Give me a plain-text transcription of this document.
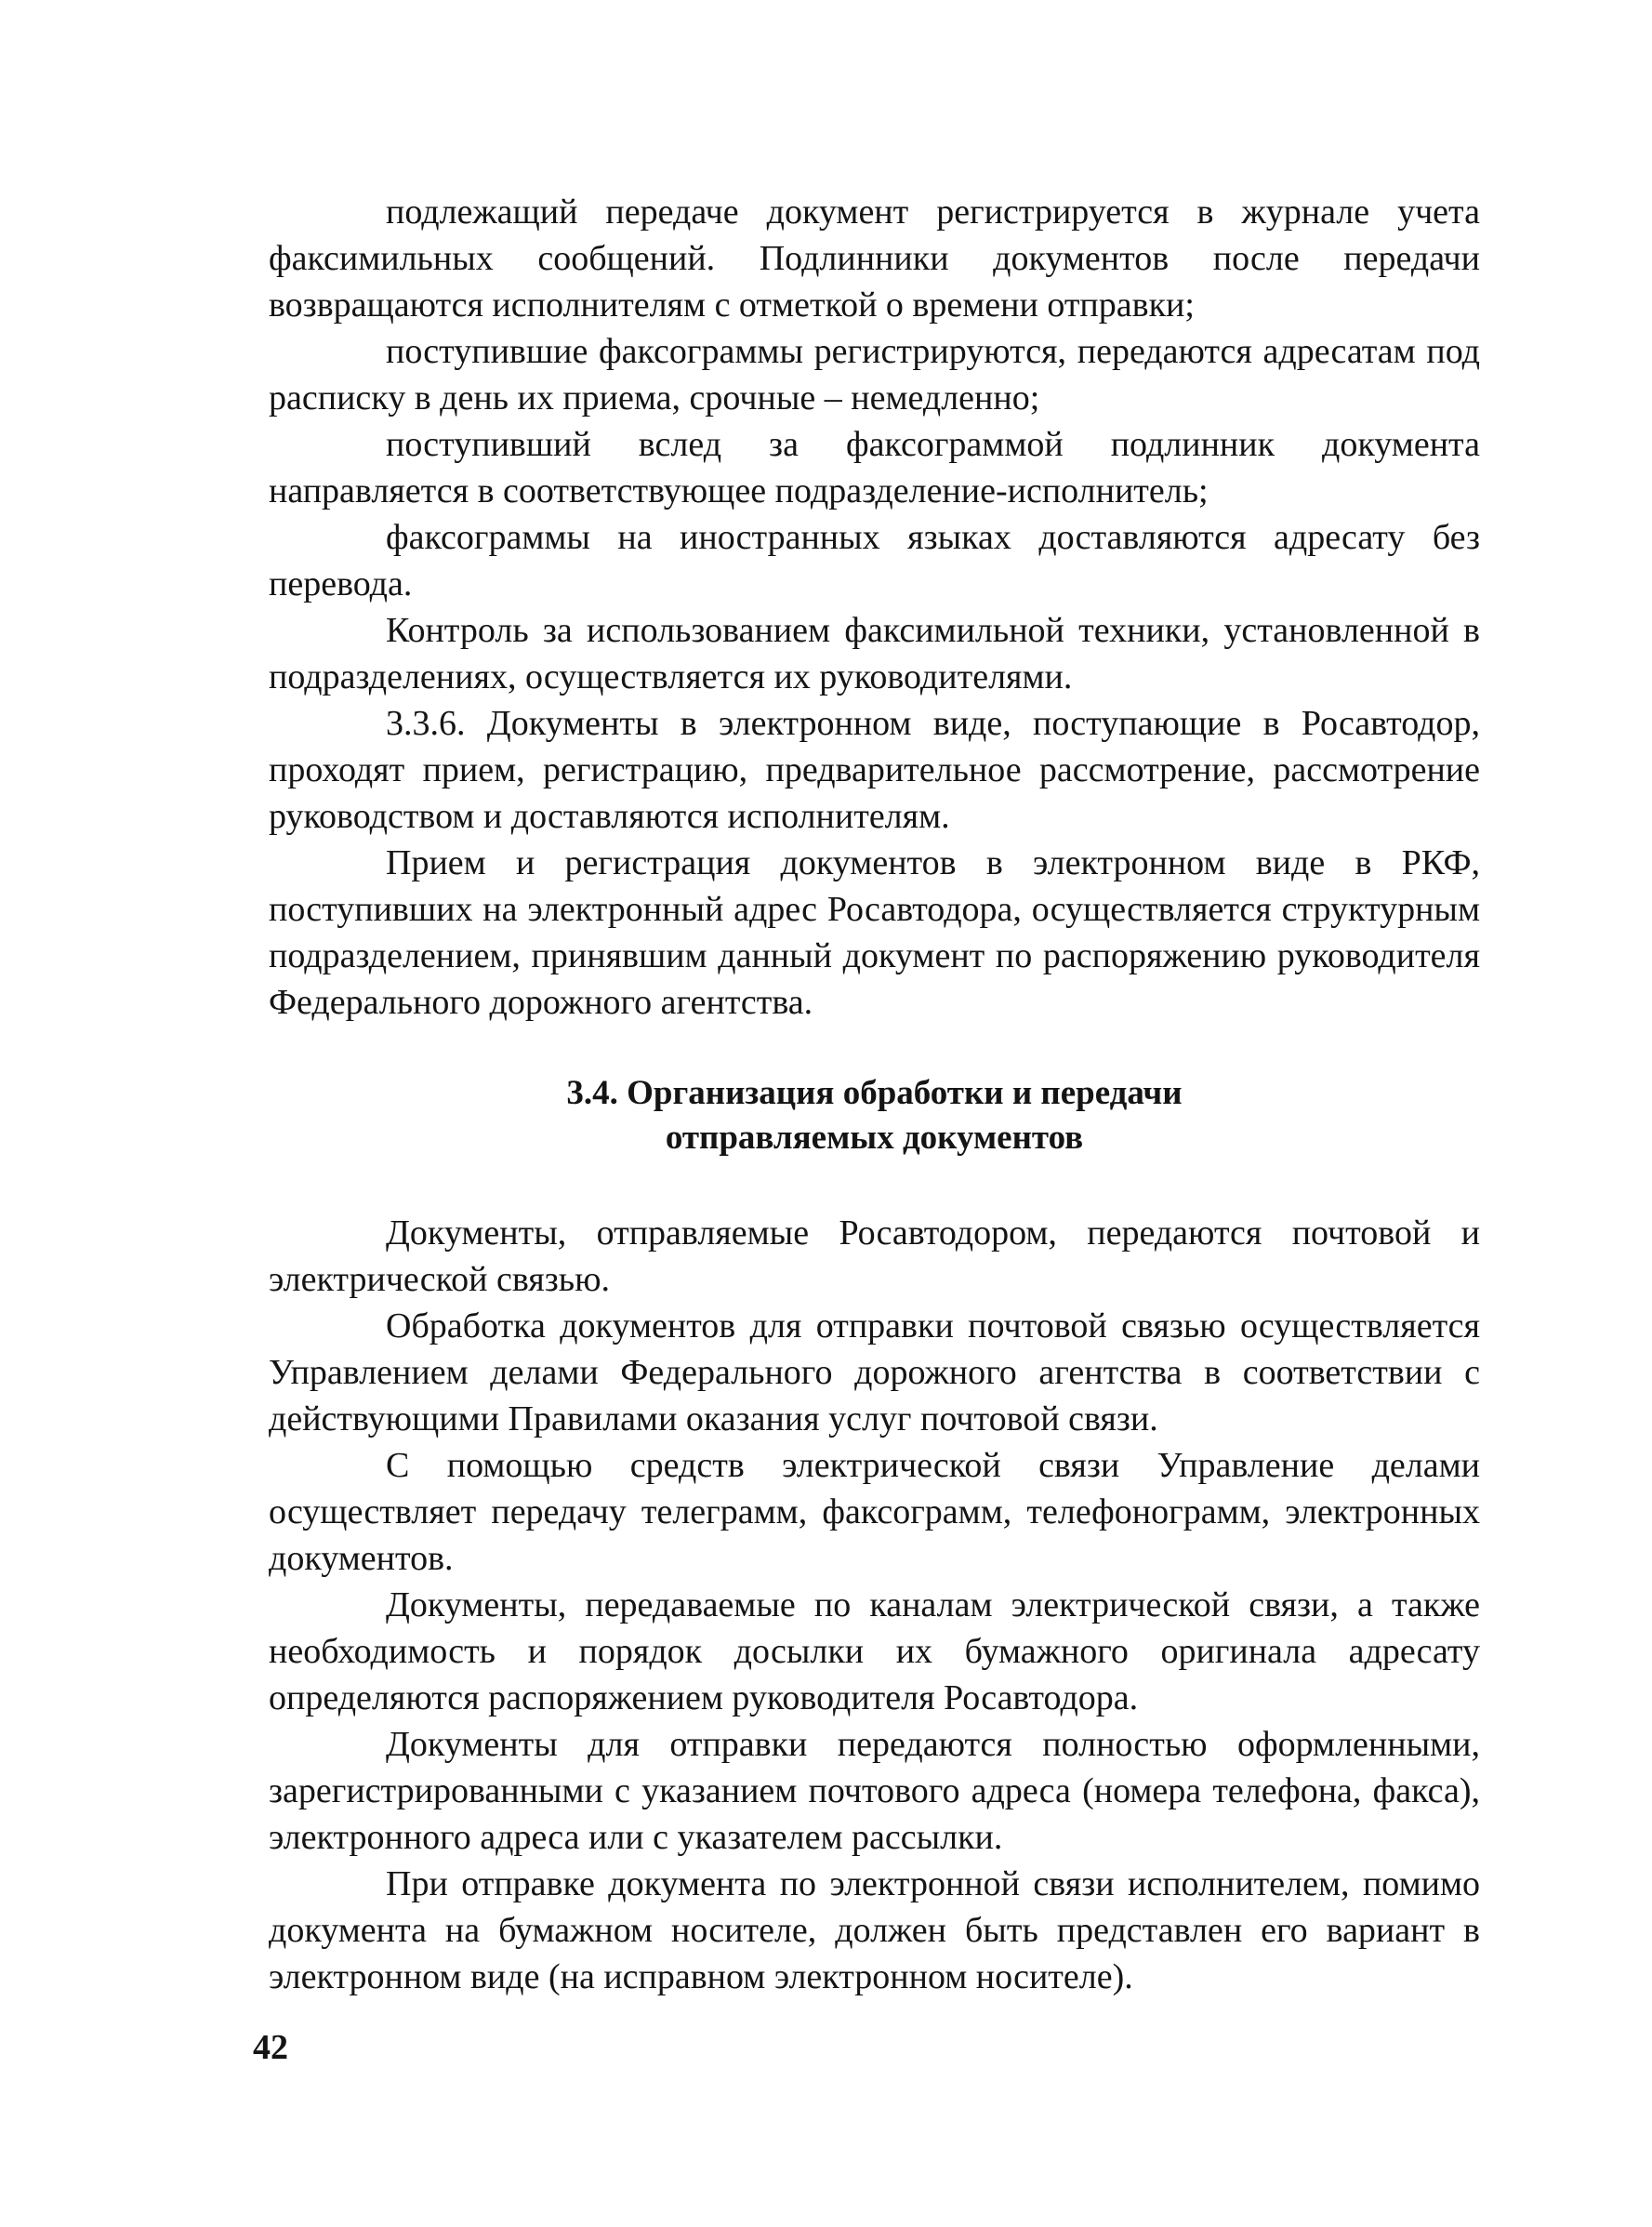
подлежащий передаче документ регистрируется в журнале учета факсимильных сообщений. Подлинники документов после передачи возвращаются исполнителям с отметкой о времени отправки;

поступившие факсограммы регистрируются, передаются адресатам под расписку в день их приема, срочные – немедленно;

поступивший вслед за факсограммой подлинник документа направляется в соответствующее подразделение-исполнитель;

факсограммы на иностранных языках доставляются адресату без перевода.

Контроль за использованием факсимильной техники, установленной в подразделениях, осуществляется их руководителями.

3.3.6. Документы в электронном виде, поступающие в Росавтодор, проходят прием, регистрацию, предварительное рассмотрение, рассмотрение руководством и доставляются исполнителям.

Прием и регистрация документов в электронном виде в РКФ, поступивших на электронный адрес Росавтодора, осуществляется структурным подразделением, принявшим данный документ по распоряжению руководителя Федерального дорожного агентства.

3.4. Организация обработки и передачи
отправляемых документов

Документы, отправляемые Росавтодором, передаются почтовой и электрической связью.

Обработка документов для отправки почтовой связью осуществляется Управлением делами Федерального дорожного агентства в соответствии с действующими Правилами оказания услуг почтовой связи.

С помощью средств электрической связи Управление делами осуществляет передачу телеграмм, факсограмм, телефонограмм, электронных документов.

Документы, передаваемые по каналам электрической связи, а также необходимость и порядок досылки их бумажного оригинала адресату определяются распоряжением руководителя Росавтодора.

Документы для отправки передаются полностью оформленными, зарегистрированными с указанием почтового адреса (номера телефона, факса), электронного адреса или с указателем рассылки.

При отправке документа по электронной связи исполнителем, помимо документа на бумажном носителе, должен быть представлен его вариант в электронном виде (на исправном электронном носителе).

42
